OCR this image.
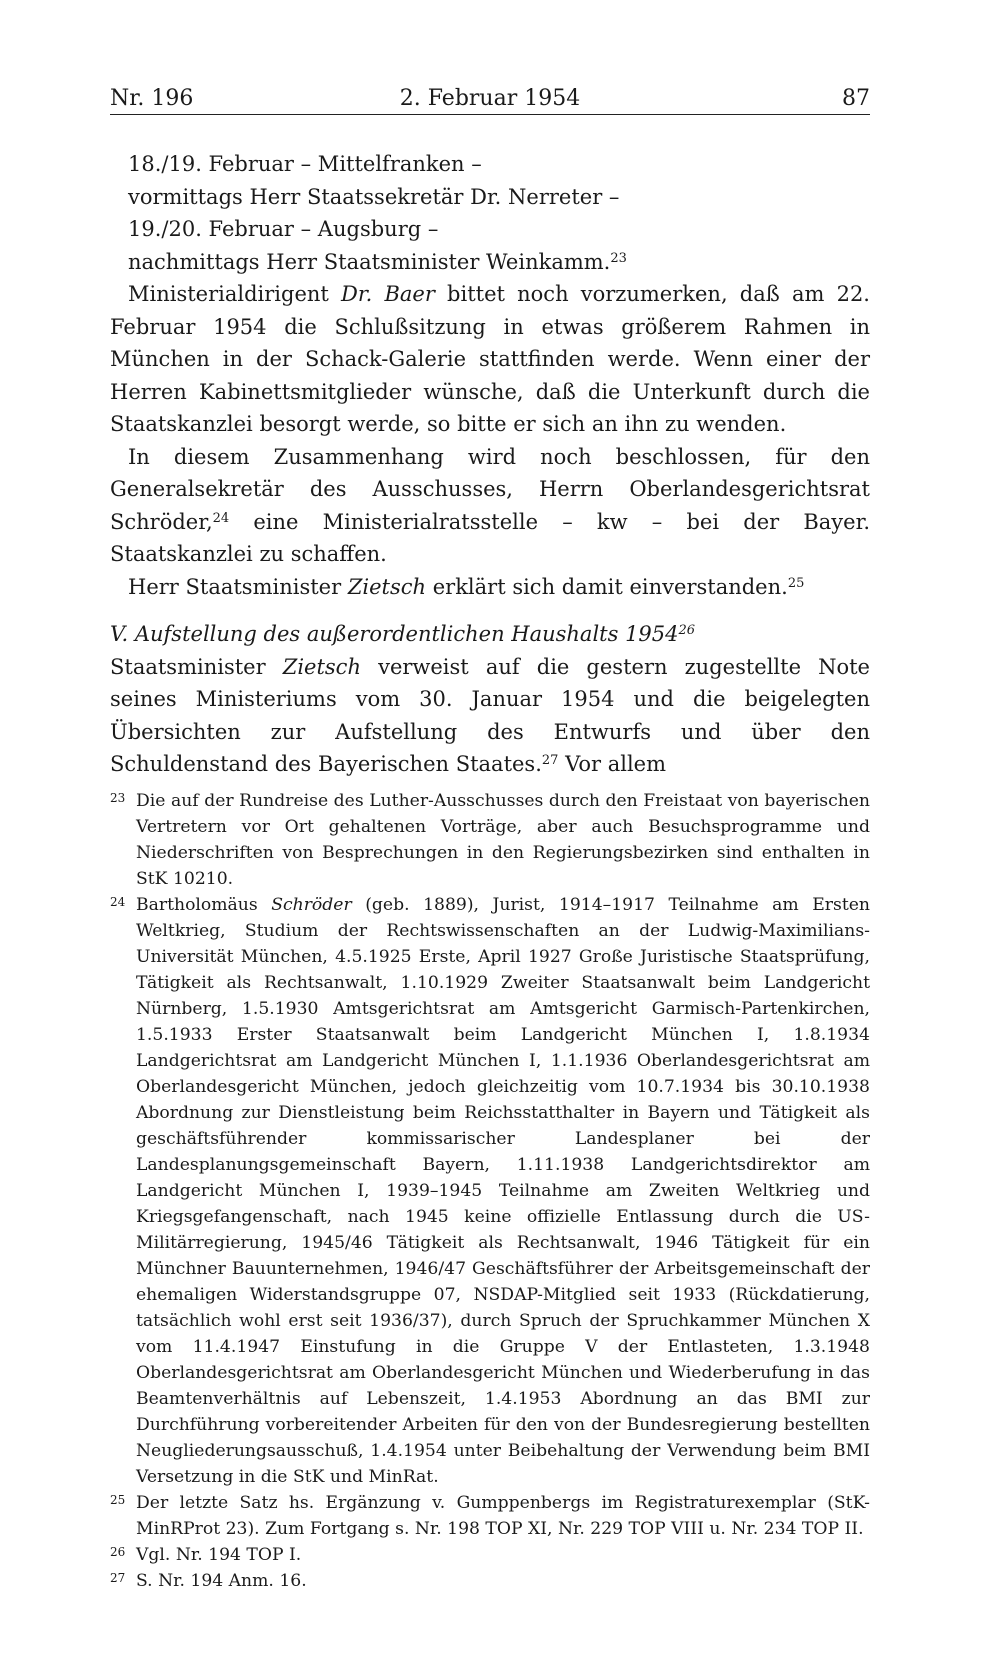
Nr. 196	2. Februar 1954	87
18./19. Februar – Mittelfranken –
vormittags Herr Staatssekretär Dr. Nerreter –
19./20. Februar – Augsburg –
nachmittags Herr Staatsminister Weinkamm.$^{23}$

Ministerialdirigent Dr. Baer bittet noch vorzumerken, daß am 22. Februar 1954 die Schlußsitzung in etwas größerem Rahmen in München in der Schack-Galerie stattfinden werde. Wenn einer der Herren Kabinettsmitglieder wünsche, daß die Unterkunft durch die Staatskanzlei besorgt werde, so bitte er sich an ihn zu wenden.

In diesem Zusammenhang wird noch beschlossen, für den Generalsekretär des Ausschusses, Herrn Oberlandesgerichtsrat Schröder,$^{24}$ eine Ministerialratsstelle – kw – bei der Bayer. Staatskanzlei zu schaffen.

Herr Staatsminister Zietsch erklärt sich damit einverstanden.$^{25}$

V. Aufstellung des außerordentlichen Haushalts 1954$^{26}$

Staatsminister Zietsch verweist auf die gestern zugestellte Note seines Ministeriums vom 30. Januar 1954 und die beigelegten Übersichten zur Aufstellung des Entwurfs und über den Schuldenstand des Bayerischen Staates.$^{27}$ Vor allem

23 Die auf der Rundreise des Luther-Ausschusses durch den Freistaat von bayerischen Vertretern vor Ort gehaltenen Vorträge, aber auch Besuchsprogramme und Niederschriften von Besprechungen in den Regierungsbezirken sind enthalten in StK 10210.
24 Bartholomäus Schröder (geb. 1889), Jurist, 1914–1917 Teilnahme am Ersten Weltkrieg, Studium der Rechtswissenschaften an der Ludwig-Maximilians-Universität München, 4.5.1925 Erste, April 1927 Große Juristische Staatsprüfung, Tätigkeit als Rechtsanwalt, 1.10.1929 Zweiter Staatsanwalt beim Landgericht Nürnberg, 1.5.1930 Amtsgerichtsrat am Amtsgericht Garmisch-Partenkirchen, 1.5.1933 Erster Staatsanwalt beim Landgericht München I, 1.8.1934 Landgerichtsrat am Landgericht München I, 1.1.1936 Oberlandesgerichtsrat am Oberlandesgericht München, jedoch gleichzeitig vom 10.7.1934 bis 30.10.1938 Abordnung zur Dienstleistung beim Reichsstatthalter in Bayern und Tätigkeit als geschäftsführender kommissarischer Landesplaner bei der Landesplanungsgemeinschaft Bayern, 1.11.1938 Landgerichtsdirektor am Landgericht München I, 1939–1945 Teilnahme am Zweiten Weltkrieg und Kriegsgefangenschaft, nach 1945 keine offizielle Entlassung durch die US-Militärregierung, 1945/46 Tätigkeit als Rechtsanwalt, 1946 Tätigkeit für ein Münchner Bauunternehmen, 1946/47 Geschäftsführer der Arbeitsgemeinschaft der ehemaligen Widerstandsgruppe 07, NSDAP-Mitglied seit 1933 (Rückdatierung, tatsächlich wohl erst seit 1936/37), durch Spruch der Spruchkammer München X vom 11.4.1947 Einstufung in die Gruppe V der Entlasteten, 1.3.1948 Oberlandesgerichtsrat am Oberlandesgericht München und Wiederberufung in das Beamtenverhältnis auf Lebenszeit, 1.4.1953 Abordnung an das BMI zur Durchführung vorbereitender Arbeiten für den von der Bundesregierung bestellten Neugliederungsausschuß, 1.4.1954 unter Beibehaltung der Verwendung beim BMI Versetzung in die StK und MinRat.
25 Der letzte Satz hs. Ergänzung v. Gumppenbergs im Registraturexemplar (StK-MinRProt 23). Zum Fortgang s. Nr. 198 TOP XI, Nr. 229 TOP VIII u. Nr. 234 TOP II.
26 Vgl. Nr. 194 TOP I.
27 S. Nr. 194 Anm. 16.
